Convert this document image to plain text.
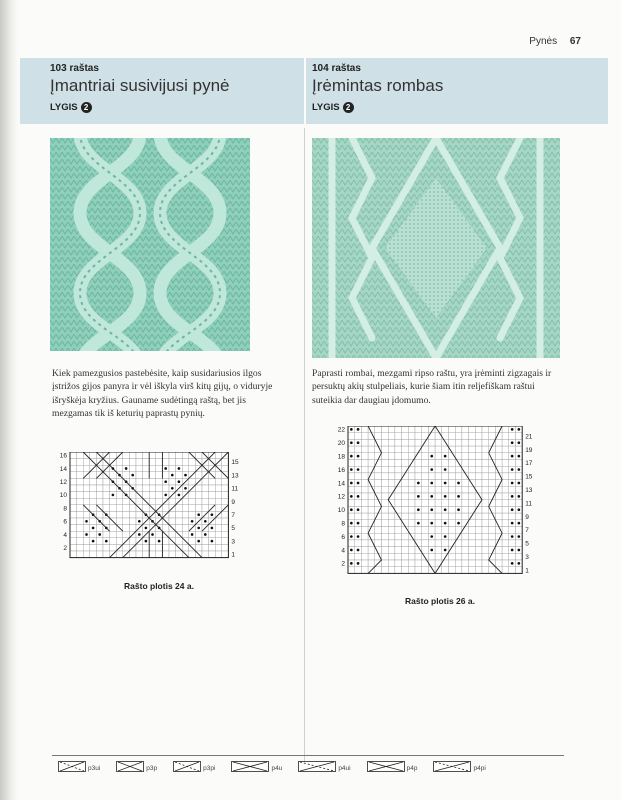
Pynės 67
103 raštas
Įmantriai susivijusi pynė
LYGIS 2
104 raštas
Įrėmintas rombas
LYGIS 2

Kiek pamezgusios pastebėsite, kaip susidariusios ilgos įstrižos gijos panyra ir vėl iškyla virš kitų gijų, o viduryje išryškėja kryžius. Gauname sudėtingą raštą, bet jis mezgamas tik iš keturių paprastų pynių.

Paprasti rombai, mezgami ripso raštu, yra įrėminti zigzagais ir persuktų akių stulpeliais, kurie šiam itin reljefiškam raštui suteikia dar daugiau įdomumo.

16
14
12
10
8
6
4
2
15
13
11
9
7
5
3
1
Rašto plotis 24 a.
22
20
18
16
14
12
10
8
6
4
2
21
19
17
15
13
11
9
7
5
3
1
Rašto plotis 26 a.
p3ui	p3p	p3pi	p4u	p4ui	p4p	p4pi
